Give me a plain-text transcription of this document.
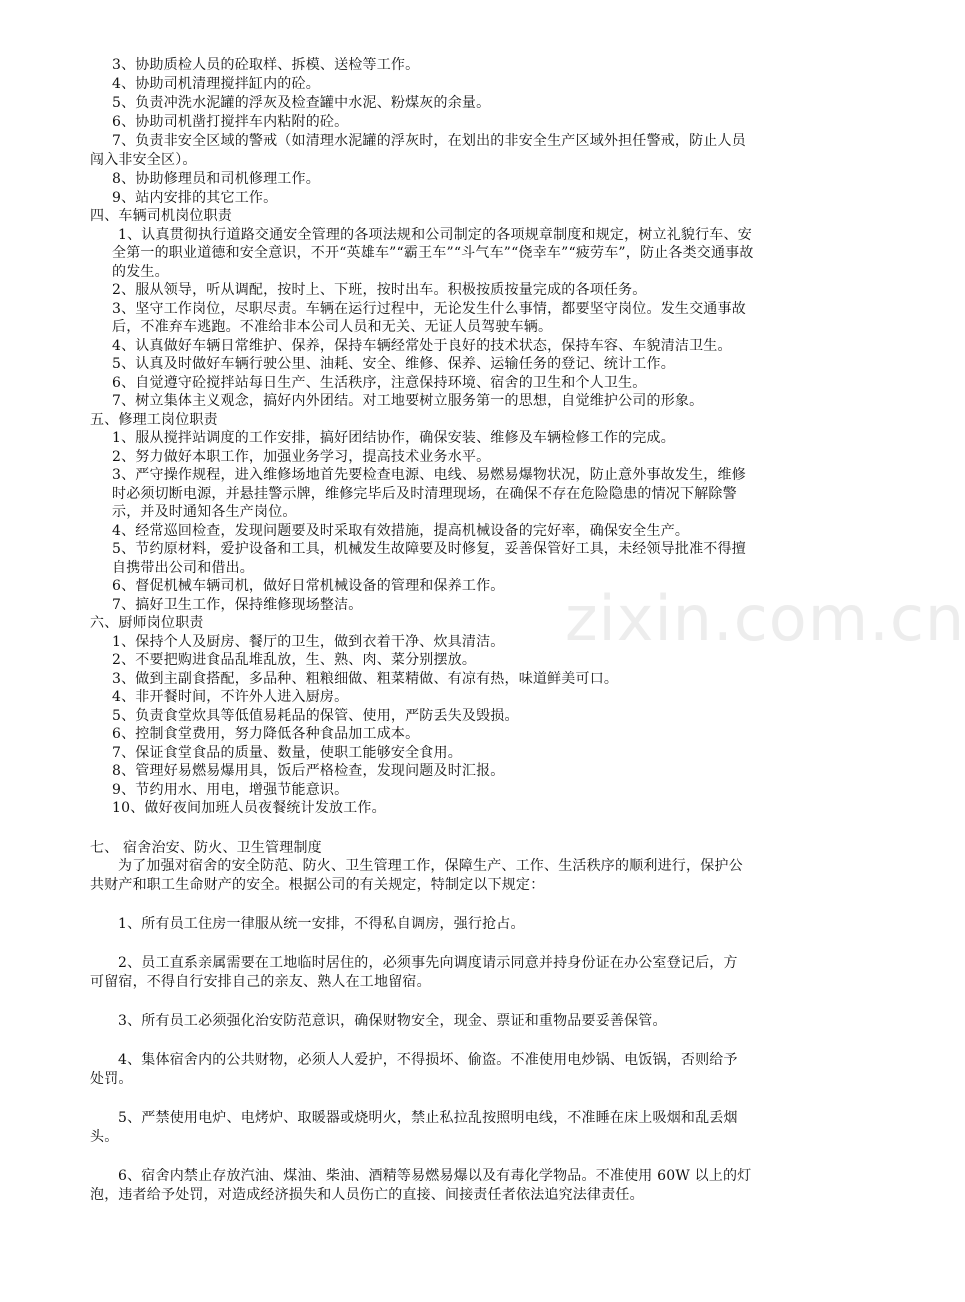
zixin.com.cn
3、协助质检人员的砼取样、拆模、送检等工作。
4、协助司机清理搅拌缸内的砼。
5、负责冲洗水泥罐的浮灰及检查罐中水泥、粉煤灰的余量。
6、协助司机凿打搅拌车内粘附的砼。
7、负责非安全区域的警戒（如清理水泥罐的浮灰时，在划出的非安全生产区域外担任警戒，防止人员
闯入非安全区）。
8、协助修理员和司机修理工作。
9、站内安排的其它工作。
四、车辆司机岗位职责
1、认真贯彻执行道路交通安全管理的各项法规和公司制定的各项规章制度和规定，树立礼貌行车、安
全第一的职业道德和安全意识，不开“英雄车”“霸王车”“斗气车”“侥幸车”“疲劳车”，防止各类交通事故
的发生。
2、服从领导，听从调配，按时上、下班，按时出车。积极按质按量完成的各项任务。
3、坚守工作岗位，尽职尽责。车辆在运行过程中，无论发生什么事情，都要坚守岗位。发生交通事故
后，不准弃车逃跑。不准给非本公司人员和无关、无证人员驾驶车辆。
4、认真做好车辆日常维护、保养，保持车辆经常处于良好的技术状态，保持车容、车貌清洁卫生。
5、认真及时做好车辆行驶公里、油耗、安全、维修、保养、运输任务的登记、统计工作。
6、自觉遵守砼搅拌站每日生产、生活秩序，注意保持环境、宿舍的卫生和个人卫生。
7、树立集体主义观念，搞好内外团结。对工地要树立服务第一的思想，自觉维护公司的形象。
五、修理工岗位职责
1、服从搅拌站调度的工作安排，搞好团结协作，确保安装、维修及车辆检修工作的完成。
2、努力做好本职工作，加强业务学习，提高技术业务水平。
3、严守操作规程，进入维修场地首先要检查电源、电线、易燃易爆物状况，防止意外事故发生，维修
时必须切断电源，并悬挂警示牌，维修完毕后及时清理现场，在确保不存在危险隐患的情况下解除警
示，并及时通知各生产岗位。
4、经常巡回检查，发现问题要及时采取有效措施，提高机械设备的完好率，确保安全生产。
5、节约原材料，爱护设备和工具，机械发生故障要及时修复，妥善保管好工具，未经领导批准不得擅
自携带出公司和借出。
6、督促机械车辆司机，做好日常机械设备的管理和保养工作。
7、搞好卫生工作，保持维修现场整洁。
六、厨师岗位职责
1、保持个人及厨房、餐厅的卫生，做到衣着干净、炊具清洁。
2、不要把购进食品乱堆乱放，生、熟、肉、菜分别摆放。
3、做到主副食搭配，多品种、粗粮细做、粗菜精做、有凉有热，味道鲜美可口。
4、非开餐时间，不许外人进入厨房。
5、负责食堂炊具等低值易耗品的保管、使用，严防丢失及毁损。
6、控制食堂费用，努力降低各种食品加工成本。
7、保证食堂食品的质量、数量，使职工能够安全食用。
8、管理好易燃易爆用具，饭后严格检查，发现问题及时汇报。
9、节约用水、用电，增强节能意识。
10、做好夜间加班人员夜餐统计发放工作。
七、 宿舍治安、防火、卫生管理制度
为了加强对宿舍的安全防范、防火、卫生管理工作，保障生产、工作、生活秩序的顺利进行，保护公
共财产和职工生命财产的安全。根据公司的有关规定，特制定以下规定：
1、所有员工住房一律服从统一安排，不得私自调房，强行抢占。
2、员工直系亲属需要在工地临时居住的，必须事先向调度请示同意并持身份证在办公室登记后，方
可留宿，不得自行安排自己的亲友、熟人在工地留宿。
3、所有员工必须强化治安防范意识，确保财物安全，现金、票证和重物品要妥善保管。
4、集体宿舍内的公共财物，必须人人爱护，不得损坏、偷盗。不准使用电炒锅、电饭锅，否则给予
处罚。
5、严禁使用电炉、电烤炉、取暖器或烧明火，禁止私拉乱按照明电线，不准睡在床上吸烟和乱丢烟
头。
6、宿舍内禁止存放汽油、煤油、柴油、酒精等易燃易爆以及有毒化学物品。不准使用 60W 以上的灯
泡，违者给予处罚，对造成经济损失和人员伤亡的直接、间接责任者依法追究法律责任。
